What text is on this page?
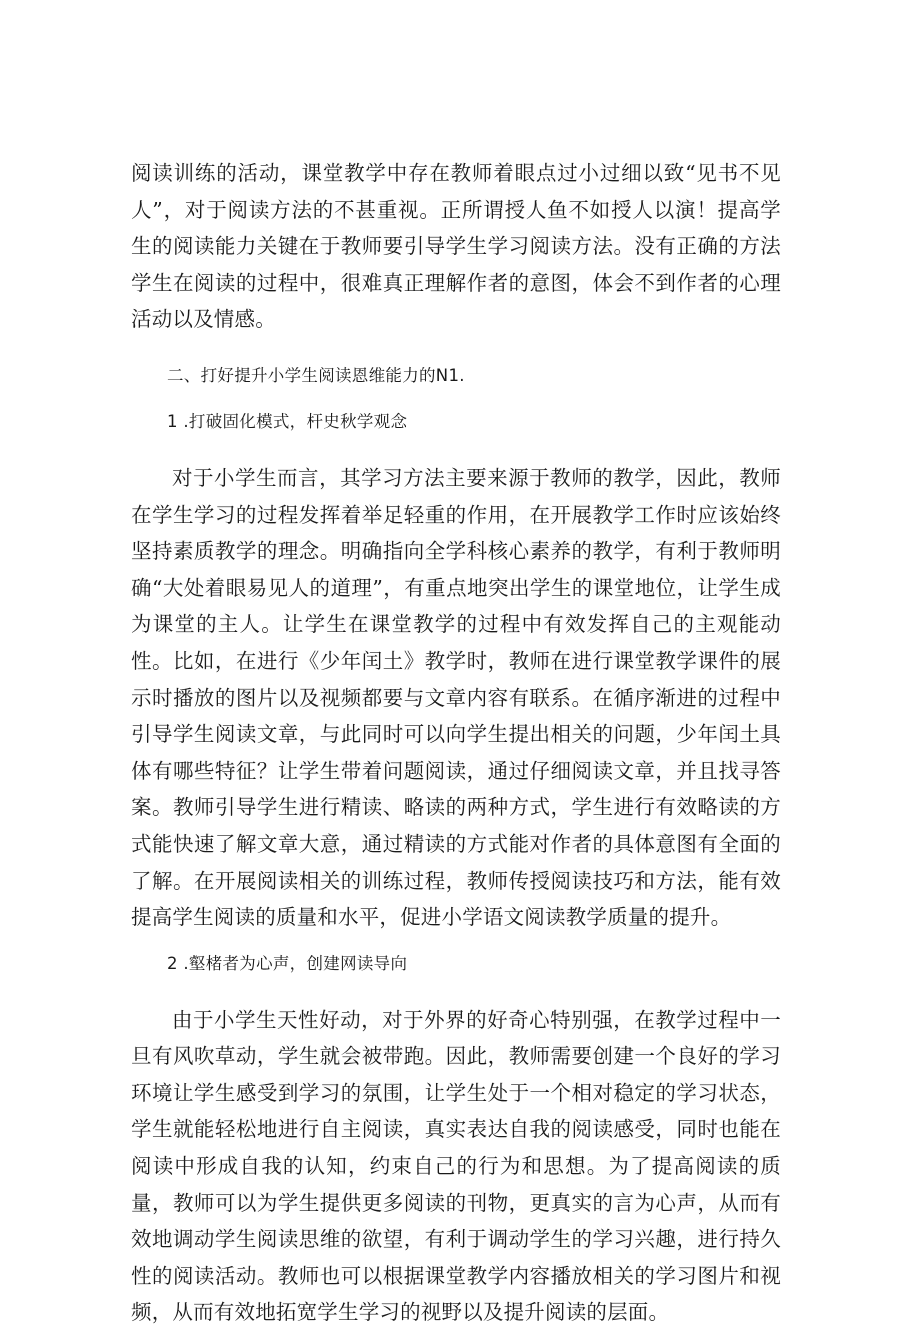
阅读训练的活动，课堂教学中存在教师着眼点过小过细以致“见书不见人”，对于阅读方法的不甚重视。正所谓授人鱼不如授人以演！提高学生的阅读能力关键在于教师要引导学生学习阅读方法。没有正确的方法学生在阅读的过程中，很难真正理解作者的意图，体会不到作者的心理活动以及情感。

二、打好提升小学生阅读恩维能力的N1.
1 .打破固化模式，杆史秋学观念

对于小学生而言，其学习方法主要来源于教师的教学，因此，教师在学生学习的过程发挥着举足轻重的作用，在开展教学工作时应该始终坚持素质教学的理念。明确指向全学科核心素养的教学，有利于教师明确“大处着眼易见人的道理”，有重点地突出学生的课堂地位，让学生成为课堂的主人。让学生在课堂教学的过程中有效发挥自己的主观能动性。比如，在进行《少年闰土》教学时，教师在进行课堂教学课件的展示时播放的图片以及视频都要与文章内容有联系。在循序渐进的过程中引导学生阅读文章，与此同时可以向学生提出相关的问题，少年闰土具体有哪些特征？让学生带着问题阅读，通过仔细阅读文章，并且找寻答案。教师引导学生进行精读、略读的两种方式，学生进行有效略读的方式能快速了解文章大意，通过精读的方式能对作者的具体意图有全面的了解。在开展阅读相关的训练过程，教师传授阅读技巧和方法，能有效提高学生阅读的质量和水平，促进小学语文阅读教学质量的提升。

2 .壑楮者为心声，创建网读导向

由于小学生天性好动，对于外界的好奇心特别强，在教学过程中一旦有风吹草动，学生就会被带跑。因此，教师需要创建一个良好的学习环境让学生感受到学习的氛围，让学生处于一个相对稳定的学习状态，学生就能轻松地进行自主阅读，真实表达自我的阅读感受，同时也能在阅读中形成自我的认知，约束自己的行为和思想。为了提高阅读的质量，教师可以为学生提供更多阅读的刊物，更真实的言为心声，从而有效地调动学生阅读思维的欲望，有利于调动学生的学习兴趣，进行持久性的阅读活动。教师也可以根据课堂教学内容播放相关的学习图片和视频，从而有效地拓宽学生学习的视野以及提升阅读的层面。
